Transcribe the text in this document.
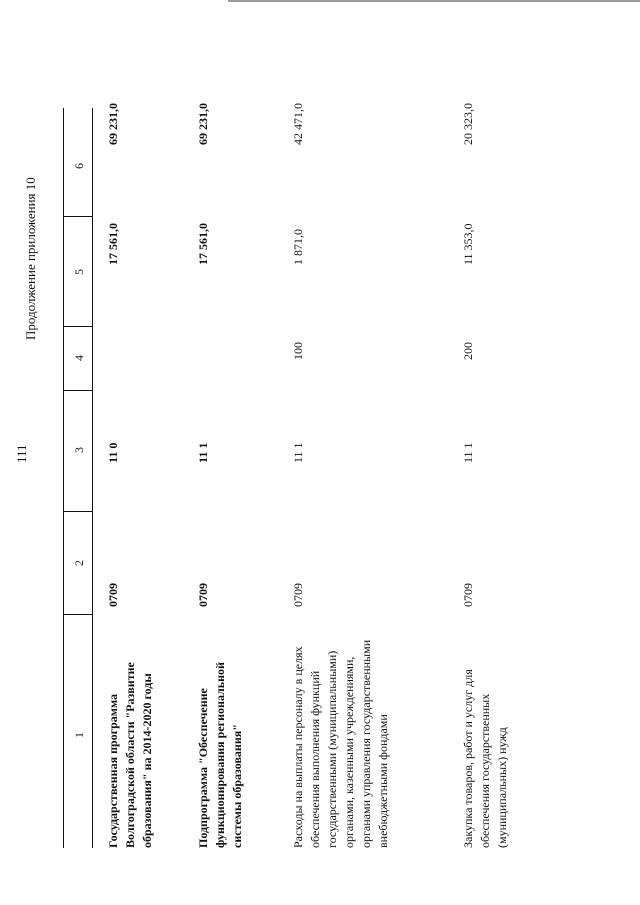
111
Продолжение приложения 10
1
2
3
4
5
6
Государственная программа Волгоградской области "Развитие образования" на 2014-2020 годы
0709
11 0
17 561,0
69 231,0
Подпрограмма "Обеспечение функционирования региональной системы образования"
0709
11 1
17 561,0
69 231,0
Расходы на выплаты персоналу в целях обеспечения выполнения функций государственными (муниципальными) органами, казенными учреждениями, органами управления государственными внебюджетными фондами
0709
11 1
100
1 871,0
42 471,0
Закупка товаров, работ и услуг для обеспечения государственных (муниципальных) нужд
0709
11 1
200
11 353,0
20 323,0
